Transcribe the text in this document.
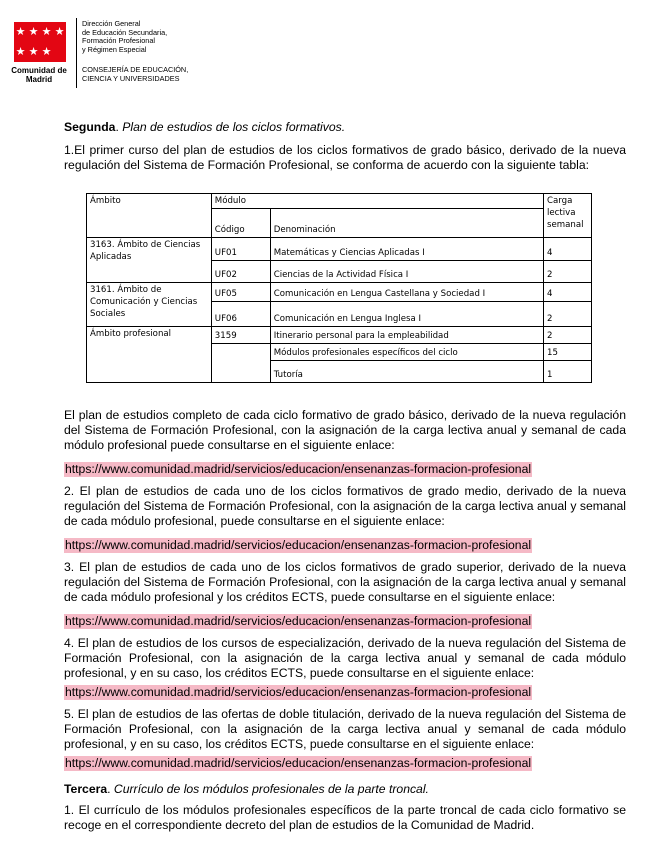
★ ★ ★ ★
★ ★ ★
Comunidad de Madrid
Dirección General
de Educación Secundaria,
Formación Profesional
y Régimen Especial
CONSEJERÍA DE EDUCACIÓN,
CIENCIA Y UNIVERSIDADES

Segunda. Plan de estudios de los ciclos formativos.

1.El primer curso del plan de estudios de los ciclos formativos de grado básico, derivado de la nueva regulación del Sistema de Formación Profesional, se conforma de acuerdo con la siguiente tabla:

Ámbito	Módulo		Carga lectiva semanal
	Código	Denominación	
3163. Ámbito de Ciencias Aplicadas	UF01	Matemáticas y Ciencias Aplicadas I	4
	UF02	Ciencias de la Actividad Física I	2
3161. Ámbito de Comunicación y Ciencias Sociales	UF05	Comunicación en Lengua Castellana y Sociedad I	4
	UF06	Comunicación en Lengua Inglesa I	2
Ámbito profesional	3159	Itinerario personal para la empleabilidad	2
		Módulos profesionales específicos del ciclo	15
		Tutoría	1

El plan de estudios completo de cada ciclo formativo de grado básico, derivado de la nueva regulación del Sistema de Formación Profesional, con la asignación de la carga lectiva anual y semanal de cada módulo profesional puede consultarse en el siguiente enlace:

https://www.comunidad.madrid/servicios/educacion/ensenanzas-formacion-profesional

2. El plan de estudios de cada uno de los ciclos formativos de grado medio, derivado de la nueva regulación del Sistema de Formación Profesional, con la asignación de la carga lectiva anual y semanal de cada módulo profesional, puede consultarse en el siguiente enlace:

https://www.comunidad.madrid/servicios/educacion/ensenanzas-formacion-profesional

3. El plan de estudios de cada uno de los ciclos formativos de grado superior, derivado de la nueva regulación del Sistema de Formación Profesional, con la asignación de la carga lectiva anual y semanal de cada módulo profesional y los créditos ECTS, puede consultarse en el siguiente enlace:

https://www.comunidad.madrid/servicios/educacion/ensenanzas-formacion-profesional

4. El plan de estudios de los cursos de especialización, derivado de la nueva regulación del Sistema de Formación Profesional, con la asignación de la carga lectiva anual y semanal de cada módulo profesional, y en su caso, los créditos ECTS, puede consultarse en el siguiente enlace:

https://www.comunidad.madrid/servicios/educacion/ensenanzas-formacion-profesional

5. El plan de estudios de las ofertas de doble titulación, derivado de la nueva regulación del Sistema de Formación Profesional, con la asignación de la carga lectiva anual y semanal de cada módulo profesional, y en su caso, los créditos ECTS, puede consultarse en el siguiente enlace:

https://www.comunidad.madrid/servicios/educacion/ensenanzas-formacion-profesional

Tercera. Currículo de los módulos profesionales de la parte troncal.

1. El currículo de los módulos profesionales específicos de la parte troncal de cada ciclo formativo se recoge en el correspondiente decreto del plan de estudios de la Comunidad de Madrid.
